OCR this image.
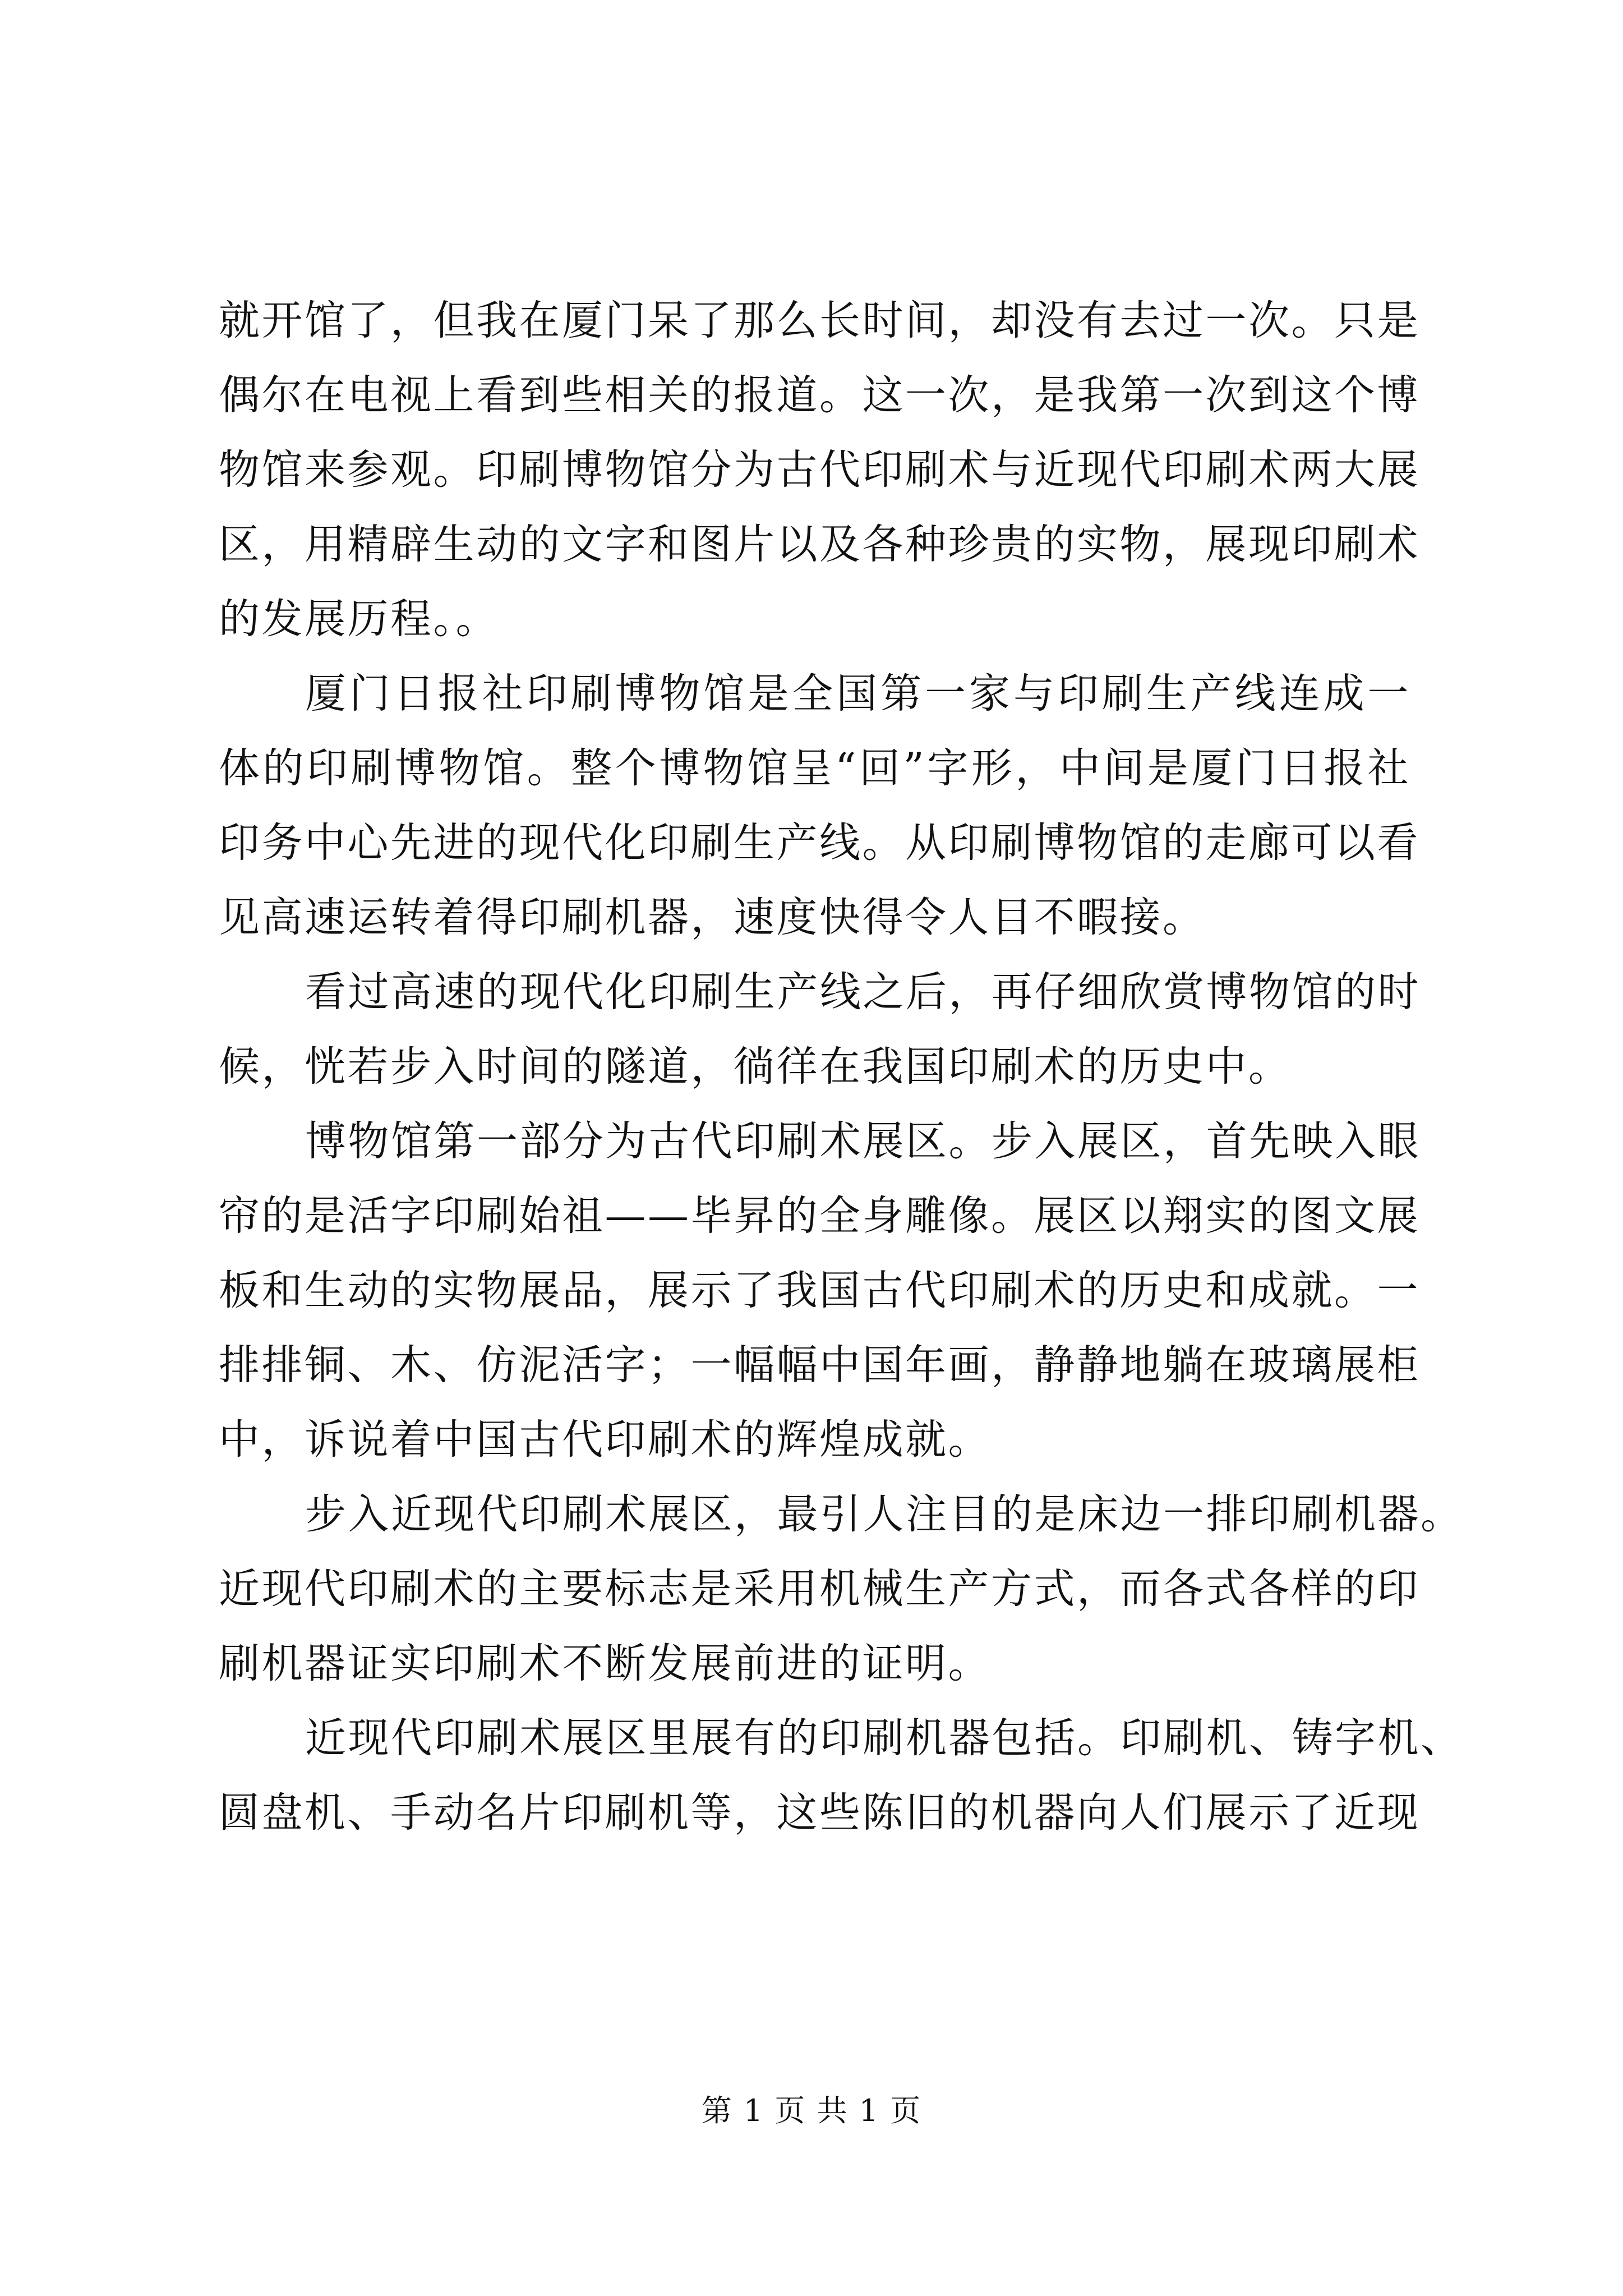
就开馆了，但我在厦门呆了那么长时间，却没有去过一次。只是
偶尔在电视上看到些相关的报道。这一次，是我第一次到这个博
物馆来参观。印刷博物馆分为古代印刷术与近现代印刷术两大展
区，用精辟生动的文字和图片以及各种珍贵的实物，展现印刷术
的发展历程。。
厦门日报社印刷博物馆是全国第一家与印刷生产线连成一
体的印刷博物馆。整个博物馆呈“回”字形，中间是厦门日报社
印务中心先进的现代化印刷生产线。从印刷博物馆的走廊可以看
见高速运转着得印刷机器，速度快得令人目不暇接。
看过高速的现代化印刷生产线之后，再仔细欣赏博物馆的时
候，恍若步入时间的隧道，徜徉在我国印刷术的历史中。
博物馆第一部分为古代印刷术展区。步入展区，首先映入眼
帘的是活字印刷始祖——毕昇的全身雕像。展区以翔实的图文展
板和生动的实物展品，展示了我国古代印刷术的历史和成就。一
排排铜、木、仿泥活字；一幅幅中国年画，静静地躺在玻璃展柜
中，诉说着中国古代印刷术的辉煌成就。
步入近现代印刷术展区，最引人注目的是床边一排印刷机器。
近现代印刷术的主要标志是采用机械生产方式，而各式各样的印
刷机器证实印刷术不断发展前进的证明。
近现代印刷术展区里展有的印刷机器包括。印刷机、铸字机、
圆盘机、手动名片印刷机等，这些陈旧的机器向人们展示了近现
第 1 页 共 1 页
